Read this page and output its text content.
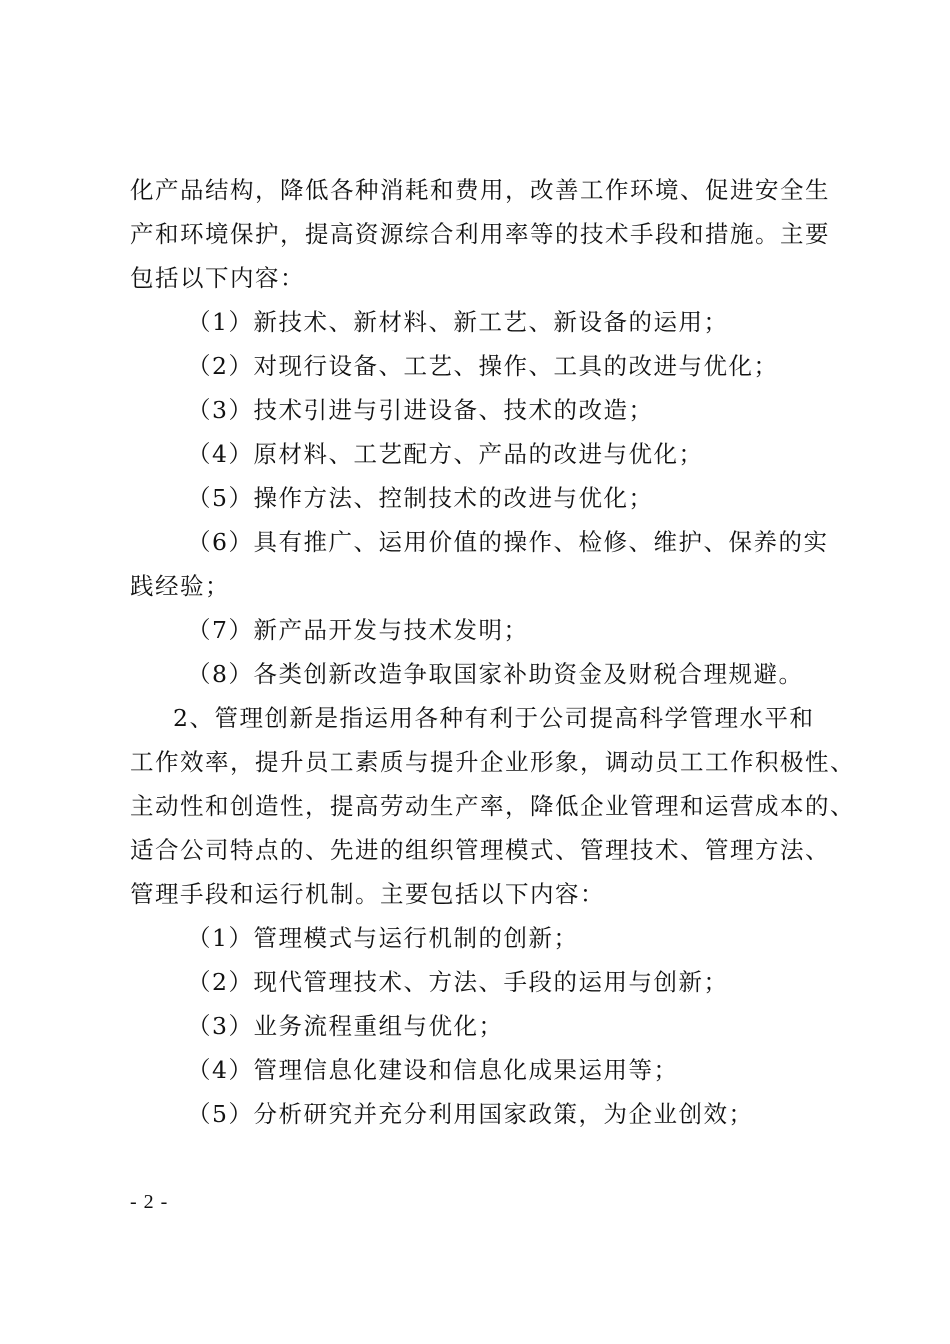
化产品结构，降低各种消耗和费用，改善工作环境、促进安全生
产和环境保护，提高资源综合利用率等的技术手段和措施。主要
包括以下内容：
（1）新技术、新材料、新工艺、新设备的运用；
（2）对现行设备、工艺、操作、工具的改进与优化；
（3）技术引进与引进设备、技术的改造；
（4）原材料、工艺配方、产品的改进与优化；
（5）操作方法、控制技术的改进与优化；
（6）具有推广、运用价值的操作、检修、维护、保养的实
践经验；
（7）新产品开发与技术发明；
（8）各类创新改造争取国家补助资金及财税合理规避。
2、管理创新是指运用各种有利于公司提高科学管理水平和
工作效率，提升员工素质与提升企业形象，调动员工工作积极性、
主动性和创造性，提高劳动生产率，降低企业管理和运营成本的、
适合公司特点的、先进的组织管理模式、管理技术、管理方法、
管理手段和运行机制。主要包括以下内容：
（1）管理模式与运行机制的创新；
（2）现代管理技术、方法、手段的运用与创新；
（3）业务流程重组与优化；
（4）管理信息化建设和信息化成果运用等；
（5）分析研究并充分利用国家政策，为企业创效；
- 2 -
